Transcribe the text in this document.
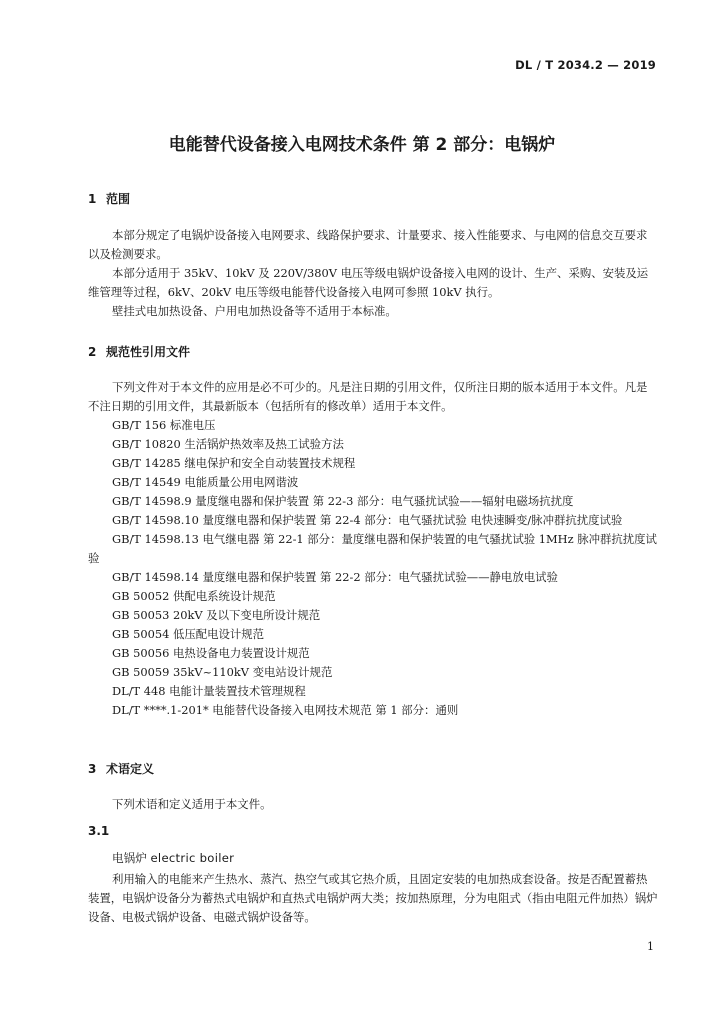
DL / T 2034.2 — 2019
电能替代设备接入电网技术条件 第 2 部分：电锅炉
1 范围
本部分规定了电锅炉设备接入电网要求、线路保护要求、计量要求、接入性能要求、与电网的信息交互要求以及检测要求。
本部分适用于 35kV、10kV 及 220V/380V 电压等级电锅炉设备接入电网的设计、生产、采购、安装及运维管理等过程，6kV、20kV 电压等级电能替代设备接入电网可参照 10kV 执行。
壁挂式电加热设备、户用电加热设备等不适用于本标准。
2 规范性引用文件
下列文件对于本文件的应用是必不可少的。凡是注日期的引用文件，仅所注日期的版本适用于本文件。凡是不注日期的引用文件，其最新版本（包括所有的修改单）适用于本文件。
GB/T 156 标准电压
GB/T 10820 生活锅炉热效率及热工试验方法
GB/T 14285 继电保护和安全自动装置技术规程
GB/T 14549 电能质量公用电网谐波
GB/T 14598.9 量度继电器和保护装置 第 22-3 部分：电气骚扰试验——辐射电磁场抗扰度
GB/T 14598.10 量度继电器和保护装置 第 22-4 部分：电气骚扰试验 电快速瞬变/脉冲群抗扰度试验
GB/T 14598.13 电气继电器 第 22-1 部分：量度继电器和保护装置的电气骚扰试验 1MHz 脉冲群抗扰度试验
GB/T 14598.14 量度继电器和保护装置 第 22-2 部分：电气骚扰试验——静电放电试验
GB 50052 供配电系统设计规范
GB 50053 20kV 及以下变电所设计规范
GB 50054 低压配电设计规范
GB 50056 电热设备电力装置设计规范
GB 50059 35kV~110kV 变电站设计规范
DL/T 448 电能计量装置技术管理规程
DL/T ****.1-201* 电能替代设备接入电网技术规范 第 1 部分：通则
3 术语定义
下列术语和定义适用于本文件。
3.1
电锅炉 electric boiler
利用输入的电能来产生热水、蒸汽、热空气或其它热介质，且固定安装的电加热成套设备。按是否配置蓄热装置，电锅炉设备分为蓄热式电锅炉和直热式电锅炉两大类；按加热原理，分为电阻式（指由电阻元件加热）锅炉设备、电极式锅炉设备、电磁式锅炉设备等。
1
